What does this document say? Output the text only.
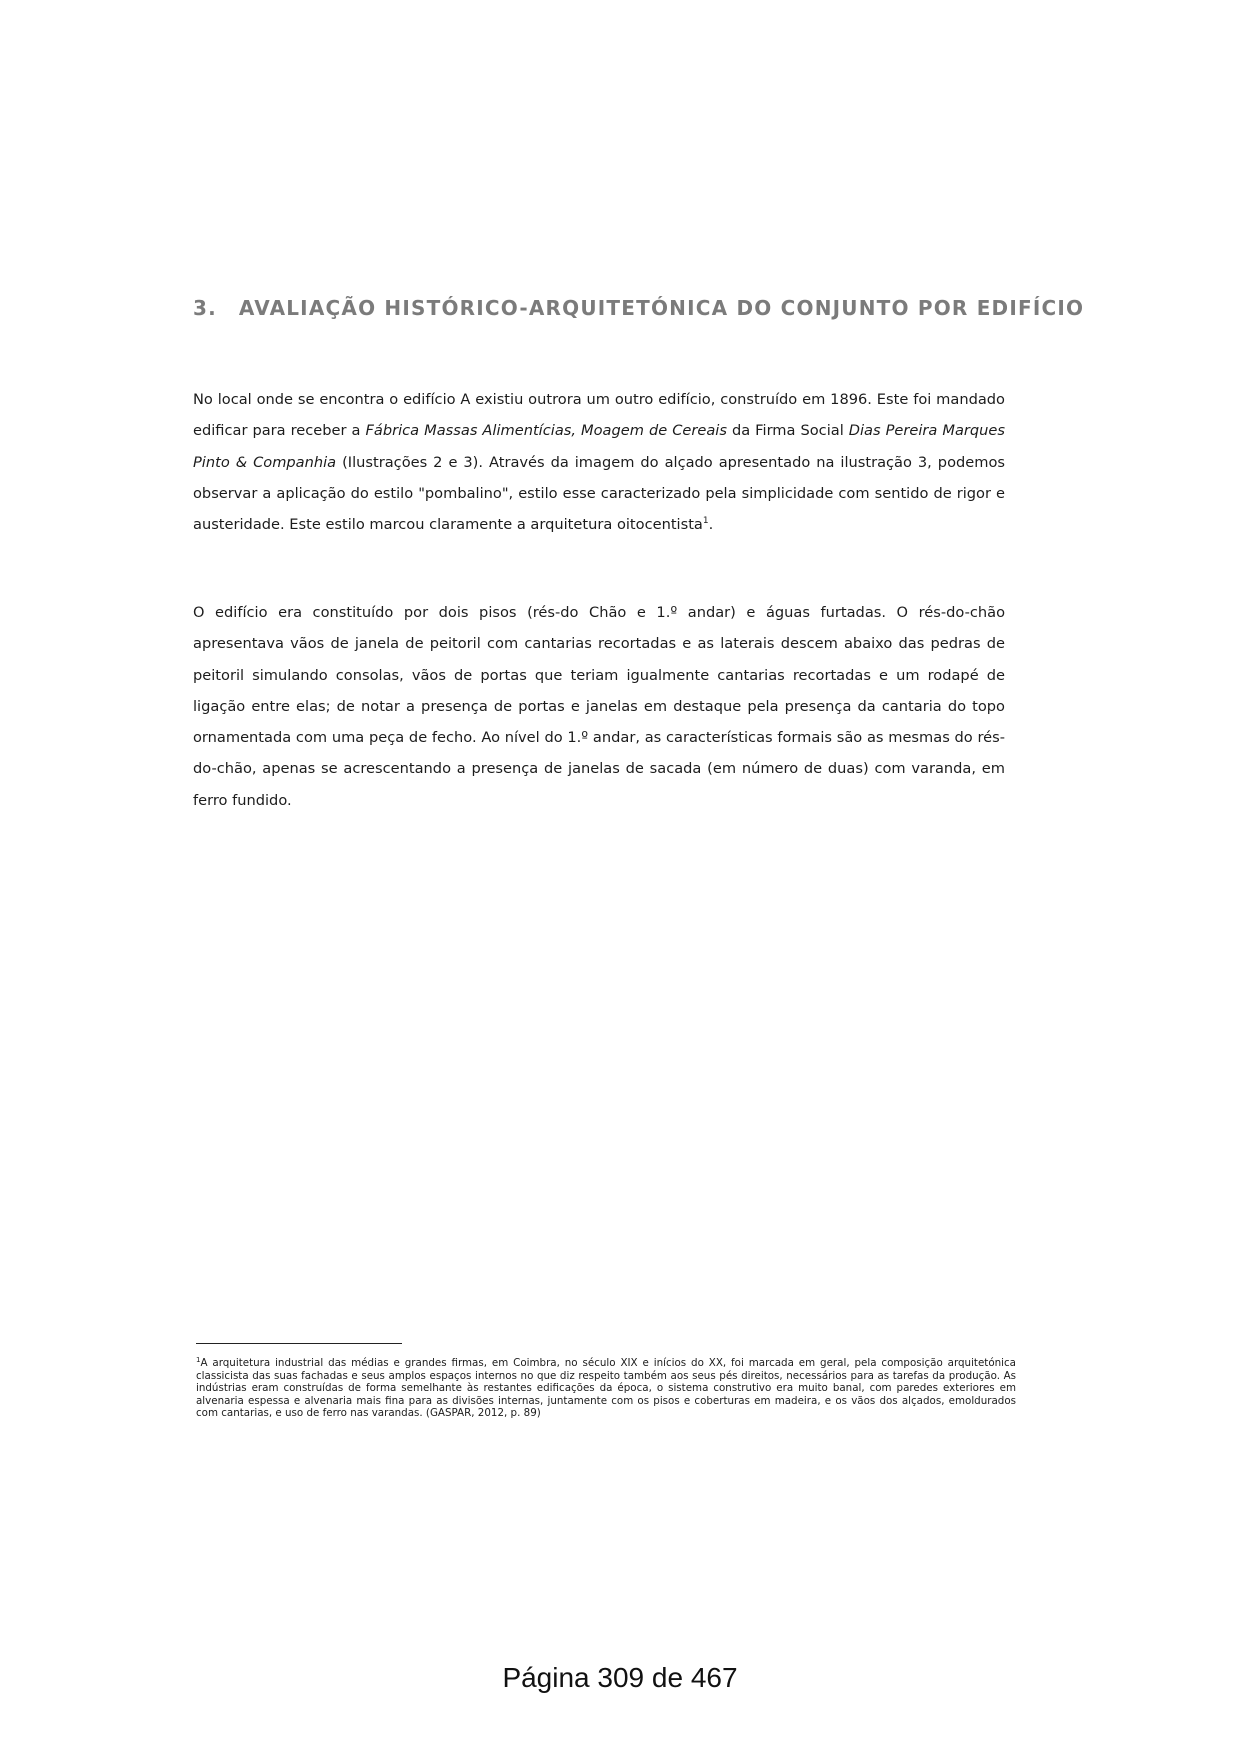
3. AVALIAÇÃO HISTÓRICO-ARQUITETÓNICA DO CONJUNTO POR EDIFÍCIO

No local onde se encontra o edifício A existiu outrora um outro edifício, construído em 1896. Este foi mandado edificar para receber a Fábrica Massas Alimentícias, Moagem de Cereais da Firma Social Dias Pereira Marques Pinto & Companhia (Ilustrações 2 e 3). Através da imagem do alçado apresentado na ilustração 3, podemos observar a aplicação do estilo "pombalino", estilo esse caracterizado pela simplicidade com sentido de rigor e austeridade. Este estilo marcou claramente a arquitetura oitocentista$^1$.

O edifício era constituído por dois pisos (rés-do Chão e 1.º andar) e águas furtadas. O rés-do-chão apresentava vãos de janela de peitoril com cantarias recortadas e as laterais descem abaixo das pedras de peitoril simulando consolas, vãos de portas que teriam igualmente cantarias recortadas e um rodapé de ligação entre elas; de notar a presença de portas e janelas em destaque pela presença da cantaria do topo ornamentada com uma peça de fecho. Ao nível do 1.º andar, as características formais são as mesmas do rés-do-chão, apenas se acrescentando a presença de janelas de sacada (em número de duas) com varanda, em ferro fundido.

$^1$A arquitetura industrial das médias e grandes firmas, em Coimbra, no século XIX e inícios do XX, foi marcada em geral, pela composição arquitetónica classicista das suas fachadas e seus amplos espaços internos no que diz respeito também aos seus pés direitos, necessários para as tarefas da produção. As indústrias eram construídas de forma semelhante às restantes edificações da época, o sistema construtivo era muito banal, com paredes exteriores em alvenaria espessa e alvenaria mais fina para as divisões internas, juntamente com os pisos e coberturas em madeira, e os vãos dos alçados, emoldurados com cantarias, e uso de ferro nas varandas. (GASPAR, 2012, p. 89)

Página 309 de 467
